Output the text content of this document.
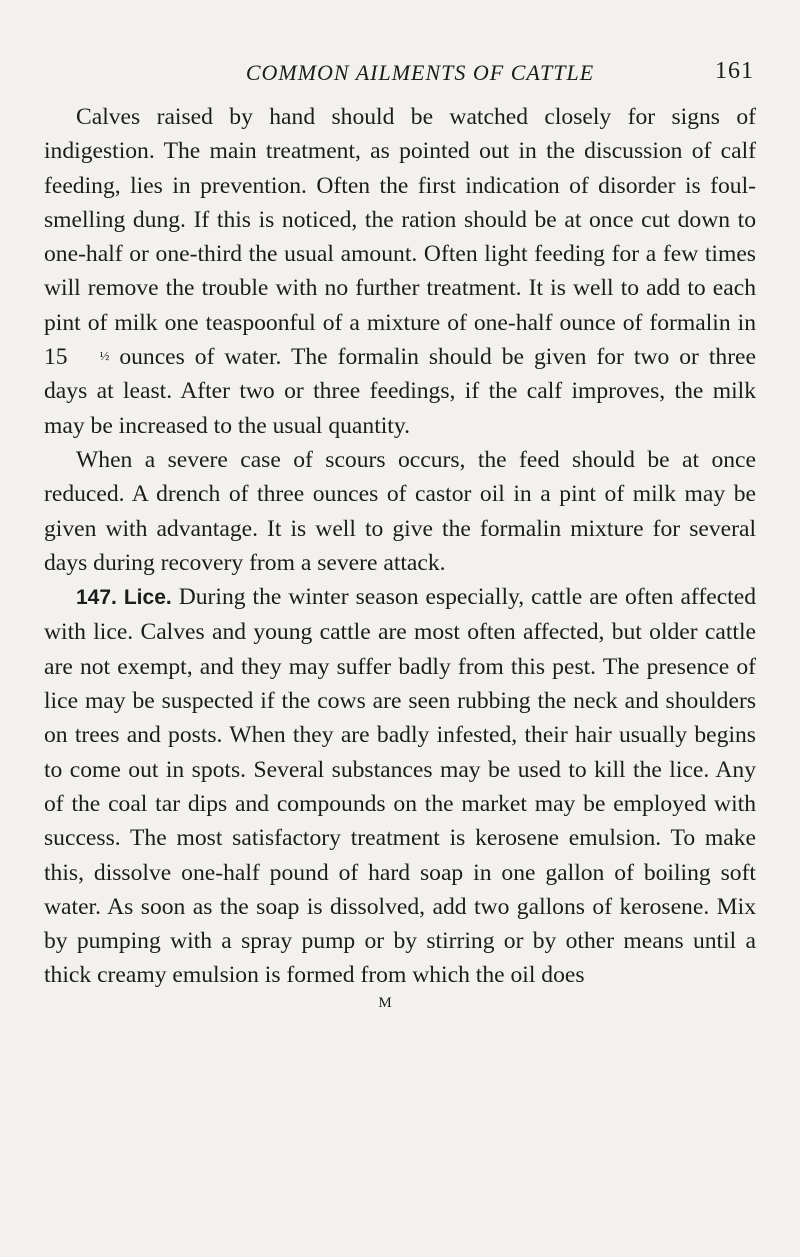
COMMON AILMENTS OF CATTLE	161

Calves raised by hand should be watched closely for signs of indigestion. The main treatment, as pointed out in the discussion of calf feeding, lies in prevention. Often the first indication of disorder is foul-smelling dung. If this is noticed, the ration should be at once cut down to one-half or one-third the usual amount. Often light feeding for a few times will remove the trouble with no further treatment. It is well to add to each pint of milk one teaspoonful of a mixture of one-half ounce of formalin in 15 ½ ounces of water. The formalin should be given for two or three days at least. After two or three feedings, if the calf improves, the milk may be increased to the usual quantity.

When a severe case of scours occurs, the feed should be at once reduced. A drench of three ounces of castor oil in a pint of milk may be given with advantage. It is well to give the formalin mixture for several days during recovery from a severe attack.

147. Lice. During the winter season especially, cattle are often affected with lice. Calves and young cattle are most often affected, but older cattle are not exempt, and they may suffer badly from this pest. The presence of lice may be suspected if the cows are seen rubbing the neck and shoulders on trees and posts. When they are badly infested, their hair usually begins to come out in spots. Several substances may be used to kill the lice. Any of the coal tar dips and compounds on the market may be employed with success. The most satisfactory treatment is kerosene emulsion. To make this, dissolve one-half pound of hard soap in one gallon of boiling soft water. As soon as the soap is dissolved, add two gallons of kerosene. Mix by pumping with a spray pump or by stirring or by other means until a thick creamy emulsion is formed from which the oil does

M
